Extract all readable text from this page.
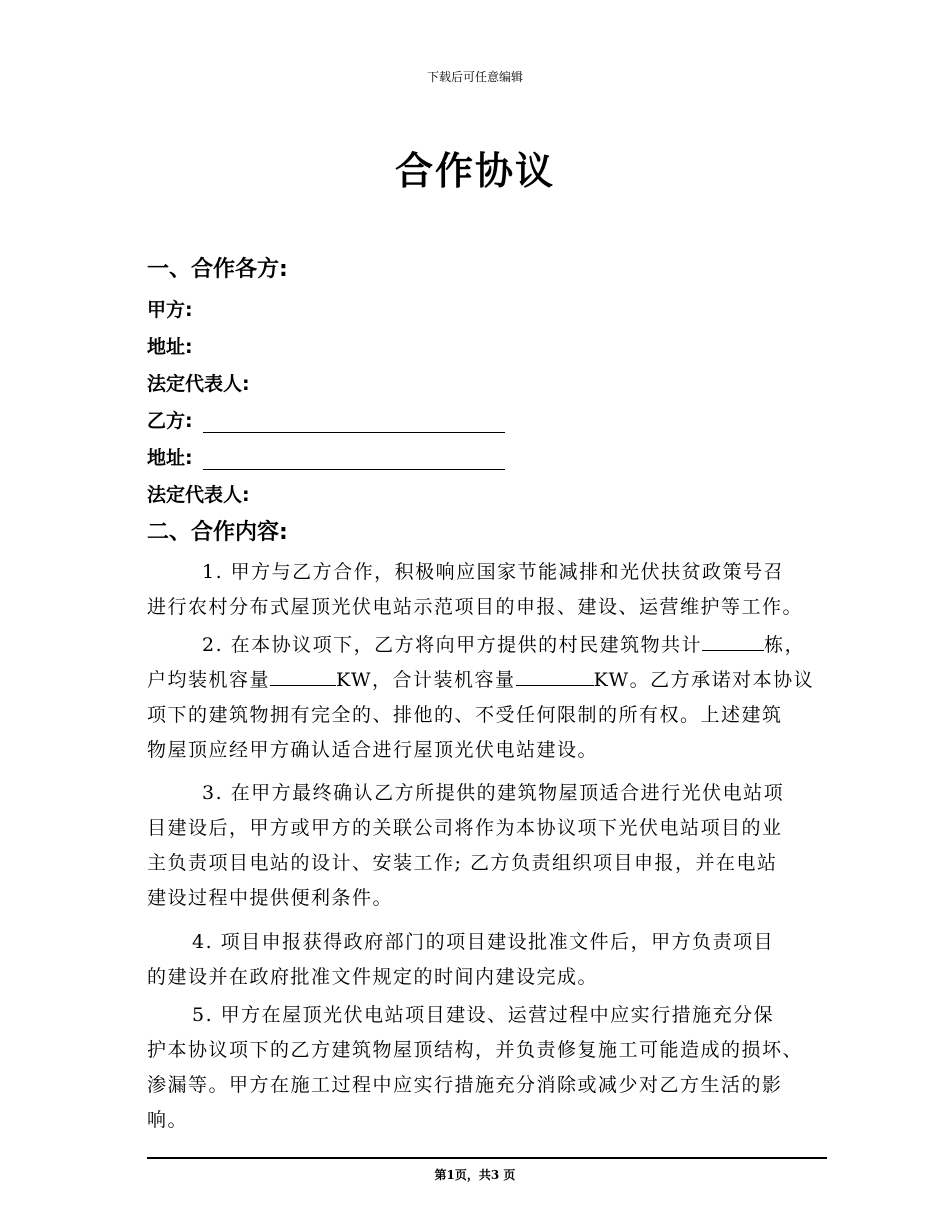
下载后可任意编辑
合作协议
一、合作各方:
甲方:
地址:
法定代表人:
乙方:
地址:
法定代表人:
二、合作内容:
1. 甲方与乙方合作，积极响应国家节能减排和光伏扶贫政策号召
进行农村分布式屋顶光伏电站示范项目的申报、建设、运营维护等工作。
2. 在本协议项下，乙方将向甲方提供的村民建筑物共计	栋，
户均装机容量	KW，合计装机容量	KW。乙方承诺对本协议
项下的建筑物拥有完全的、排他的、不受任何限制的所有权。上述建筑
物屋顶应经甲方确认适合进行屋顶光伏电站建设。
3. 在甲方最终确认乙方所提供的建筑物屋顶适合进行光伏电站项
目建设后，甲方或甲方的关联公司将作为本协议项下光伏电站项目的业
主负责项目电站的设计、安装工作; 乙方负责组织项目申报，并在电站
建设过程中提供便利条件。
4. 项目申报获得政府部门的项目建设批准文件后，甲方负责项目
的建设并在政府批准文件规定的时间内建设完成。
5. 甲方在屋顶光伏电站项目建设、运营过程中应实行措施充分保
护本协议项下的乙方建筑物屋顶结构，并负责修复施工可能造成的损坏、
渗漏等。甲方在施工过程中应实行措施充分消除或减少对乙方生活的影
响。
第1页，共3 页
